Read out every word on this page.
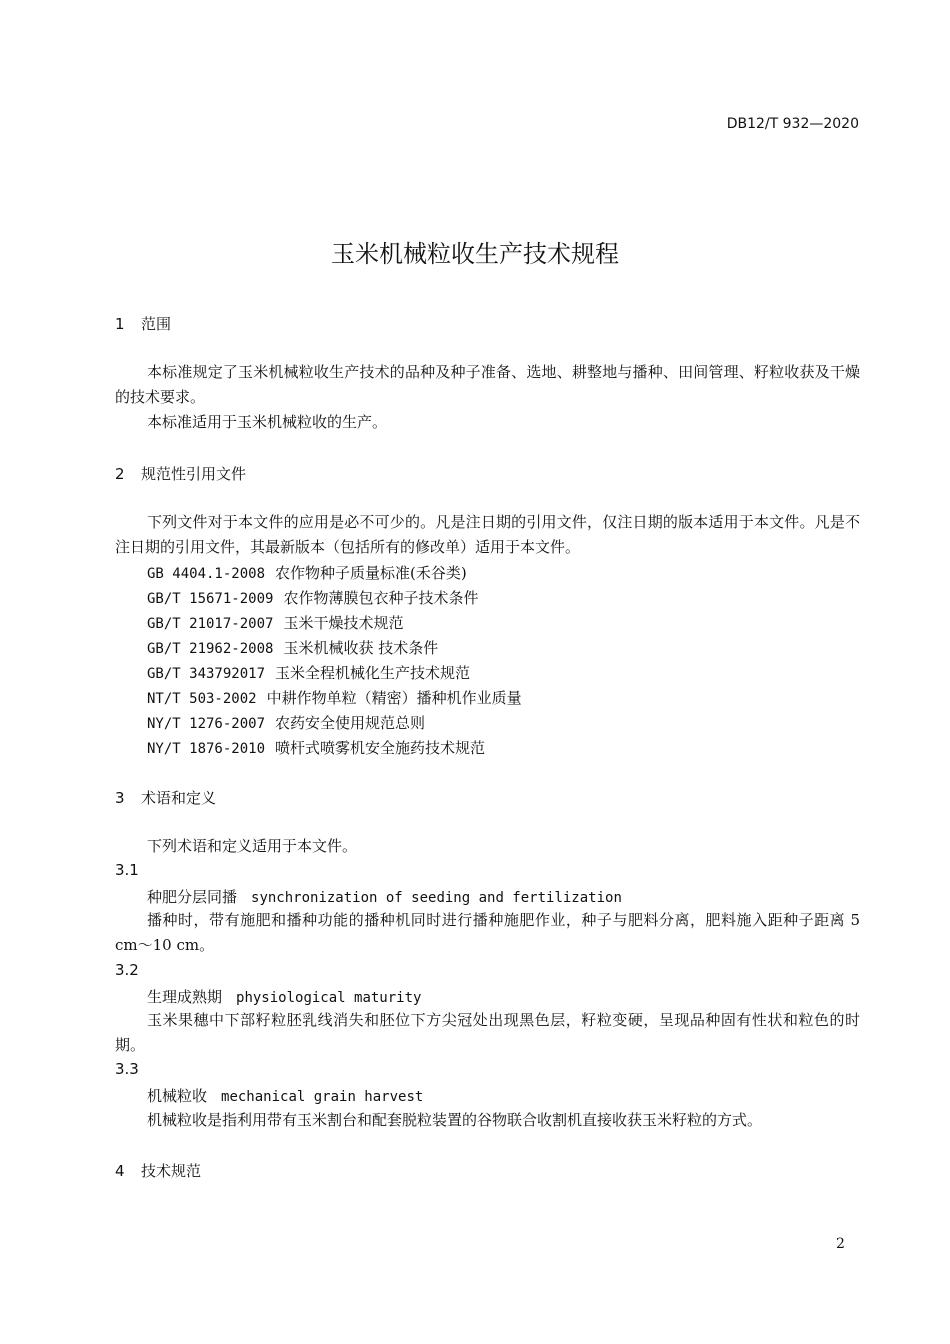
DB12/T 932—2020
玉米机械粒收生产技术规程
1 范围
本标准规定了玉米机械粒收生产技术的品种及种子准备、选地、耕整地与播种、田间管理、籽粒收获及干燥的技术要求。
本标准适用于玉米机械粒收的生产。
2 规范性引用文件
下列文件对于本文件的应用是必不可少的。凡是注日期的引用文件，仅注日期的版本适用于本文件。凡是不注日期的引用文件，其最新版本（包括所有的修改单）适用于本文件。
GB 4404.1-2008 农作物种子质量标准(禾谷类)
GB/T 15671-2009 农作物薄膜包衣种子技术条件
GB/T 21017-2007 玉米干燥技术规范
GB/T 21962-2008 玉米机械收获 技术条件
GB/T 343792017 玉米全程机械化生产技术规范
NT/T 503-2002 中耕作物单粒（精密）播种机作业质量
NY/T 1276-2007 农药安全使用规范总则
NY/T 1876-2010 喷杆式喷雾机安全施药技术规范
3 术语和定义
下列术语和定义适用于本文件。
3.1
种肥分层同播 synchronization of seeding and fertilization
播种时，带有施肥和播种功能的播种机同时进行播种施肥作业，种子与肥料分离，肥料施入距种子距离 5 cm～10 cm。
3.2
生理成熟期 physiological maturity
玉米果穗中下部籽粒胚乳线消失和胚位下方尖冠处出现黑色层，籽粒变硬，呈现品种固有性状和粒色的时期。
3.3
机械粒收 mechanical grain harvest
机械粒收是指利用带有玉米割台和配套脱粒装置的谷物联合收割机直接收获玉米籽粒的方式。
4 技术规范
2
